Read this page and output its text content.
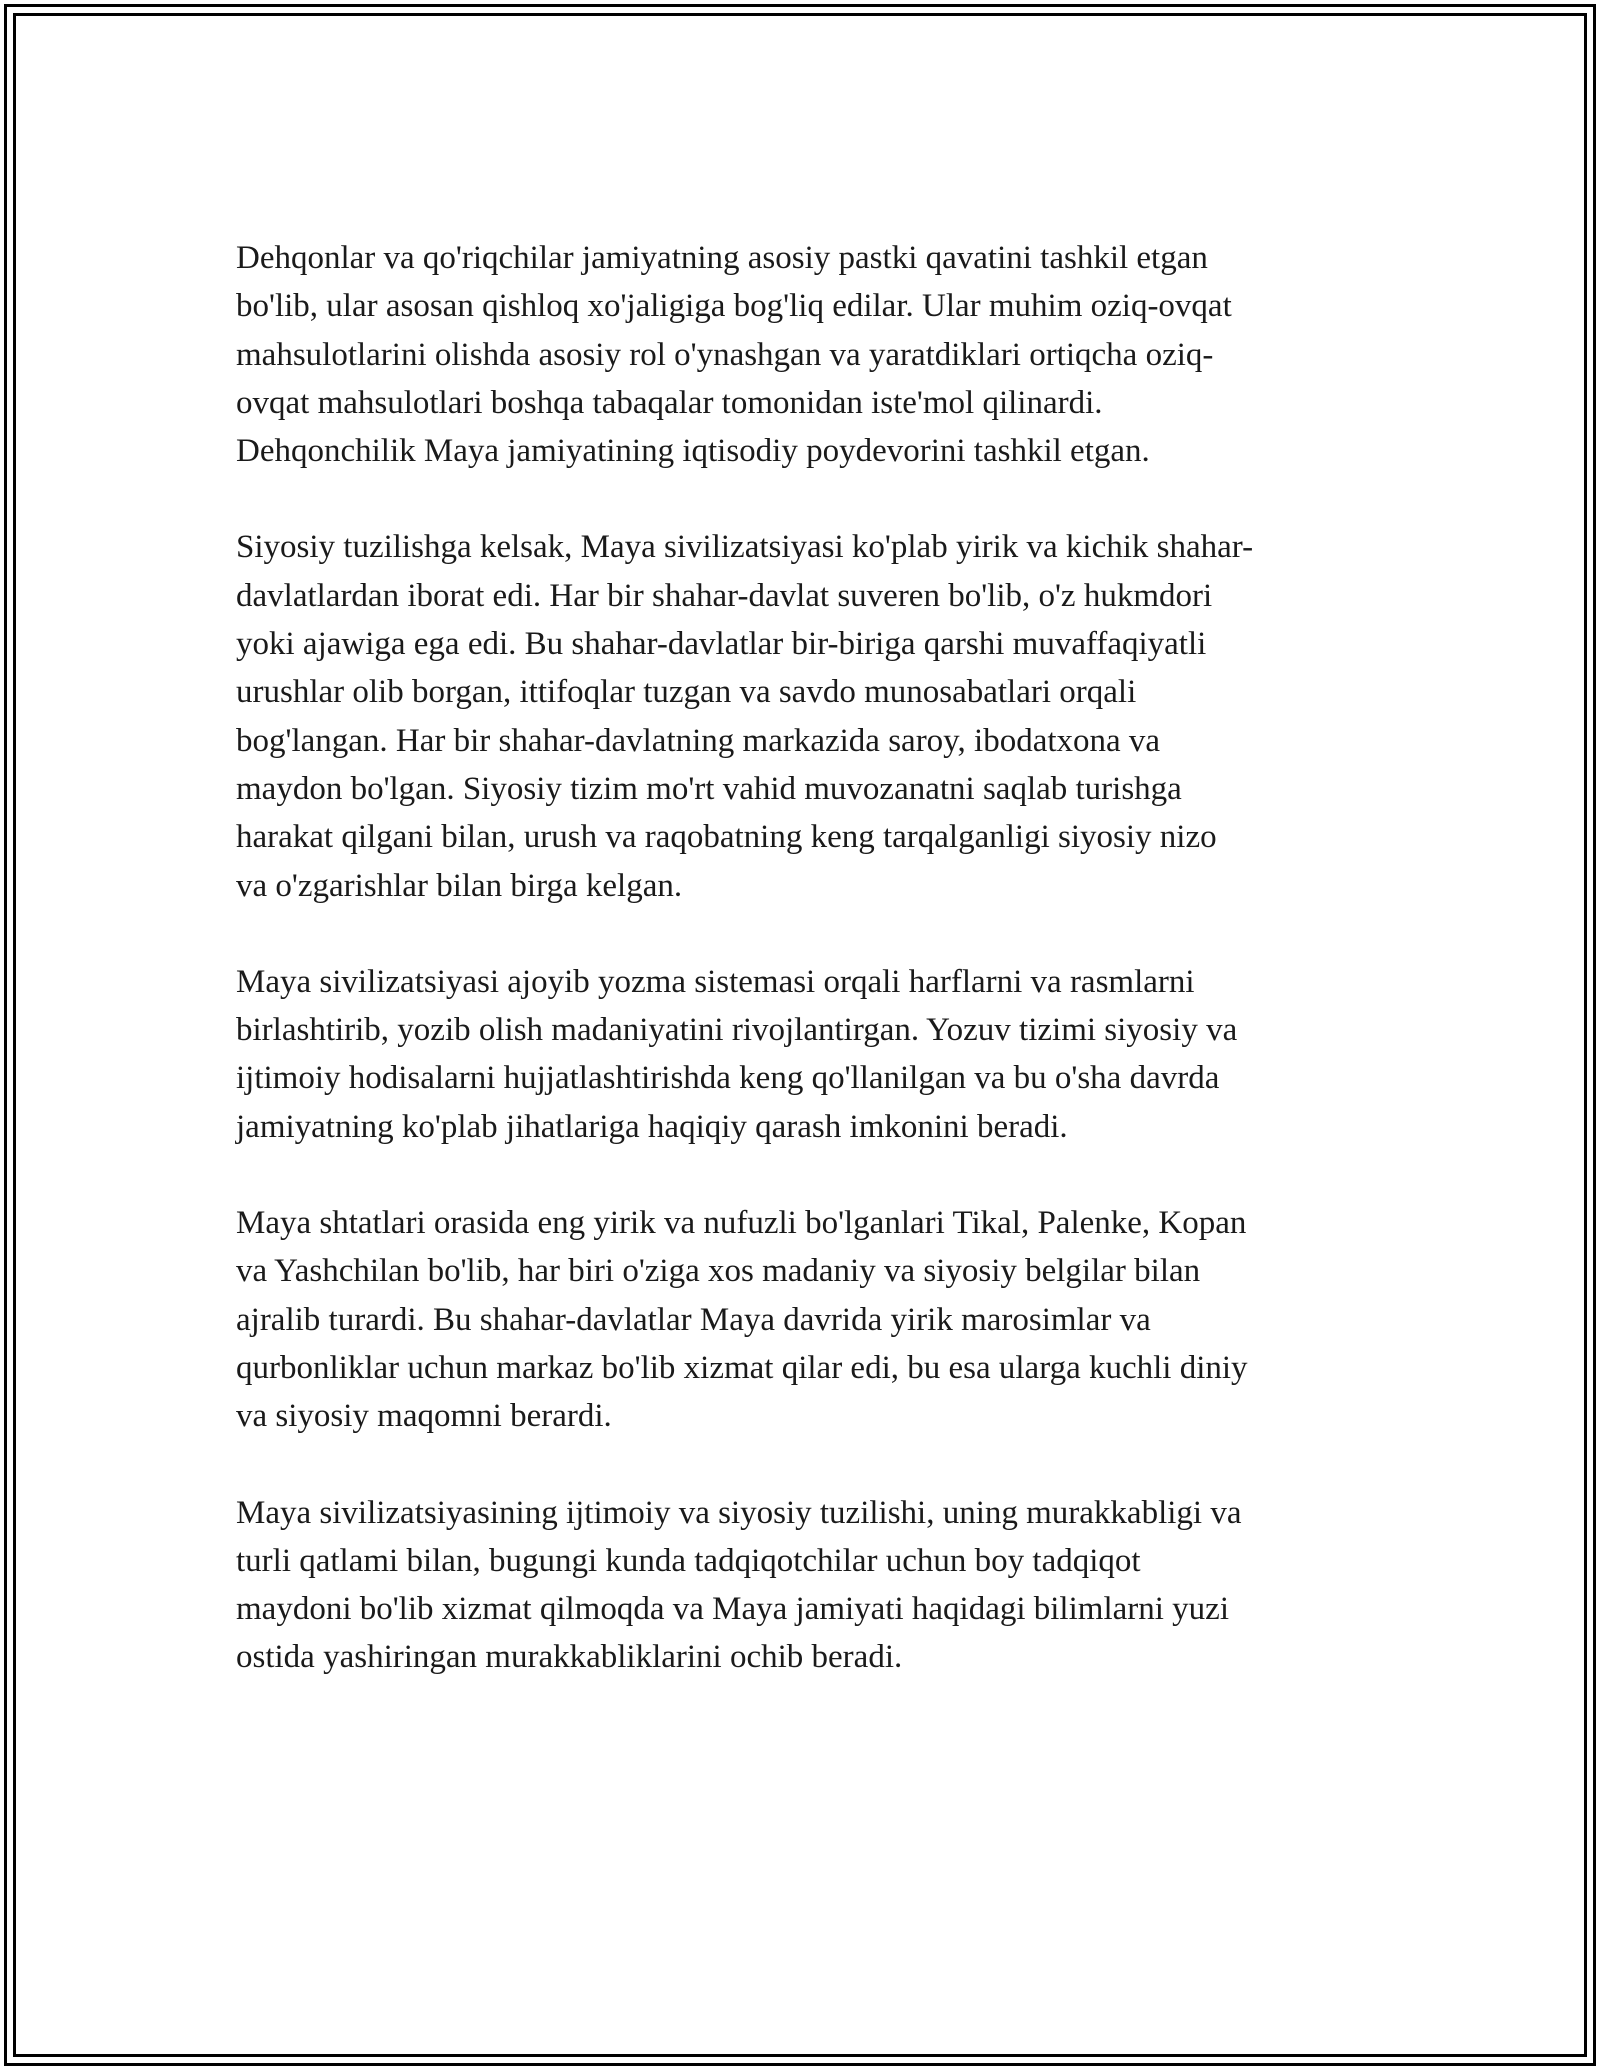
Dehqonlar va qo'riqchilar jamiyatning asosiy pastki qavatini tashkil etgan
bo'lib, ular asosan qishloq xo'jaligiga bog'liq edilar. Ular muhim oziq-ovqat
mahsulotlarini olishda asosiy rol o'ynashgan va yaratdiklari ortiqcha oziq-
ovqat mahsulotlari boshqa tabaqalar tomonidan iste'mol qilinardi.
Dehqonchilik Maya jamiyatining iqtisodiy poydevorini tashkil etgan.

Siyosiy tuzilishga kelsak, Maya sivilizatsiyasi ko'plab yirik va kichik shahar-
davlatlardan iborat edi. Har bir shahar-davlat suveren bo'lib, o'z hukmdori
yoki ajawiga ega edi. Bu shahar-davlatlar bir-biriga qarshi muvaffaqiyatli
urushlar olib borgan, ittifoqlar tuzgan va savdo munosabatlari orqali
bog'langan. Har bir shahar-davlatning markazida saroy, ibodatxona va
maydon bo'lgan. Siyosiy tizim mo'rt vahid muvozanatni saqlab turishga
harakat qilgani bilan, urush va raqobatning keng tarqalganligi siyosiy nizo
va o'zgarishlar bilan birga kelgan.

Maya sivilizatsiyasi ajoyib yozma sistemasi orqali harflarni va rasmlarni
birlashtirib, yozib olish madaniyatini rivojlantirgan. Yozuv tizimi siyosiy va
ijtimoiy hodisalarni hujjatlashtirishda keng qo'llanilgan va bu o'sha davrda
jamiyatning ko'plab jihatlariga haqiqiy qarash imkonini beradi.

Maya shtatlari orasida eng yirik va nufuzli bo'lganlari Tikal, Palenke, Kopan
va Yashchilan bo'lib, har biri o'ziga xos madaniy va siyosiy belgilar bilan
ajralib turardi. Bu shahar-davlatlar Maya davrida yirik marosimlar va
qurbonliklar uchun markaz bo'lib xizmat qilar edi, bu esa ularga kuchli diniy
va siyosiy maqomni berardi.

Maya sivilizatsiyasining ijtimoiy va siyosiy tuzilishi, uning murakkabligi va
turli qatlami bilan, bugungi kunda tadqiqotchilar uchun boy tadqiqot
maydoni bo'lib xizmat qilmoqda va Maya jamiyati haqidagi bilimlarni yuzi
ostida yashiringan murakkabliklarini ochib beradi.
